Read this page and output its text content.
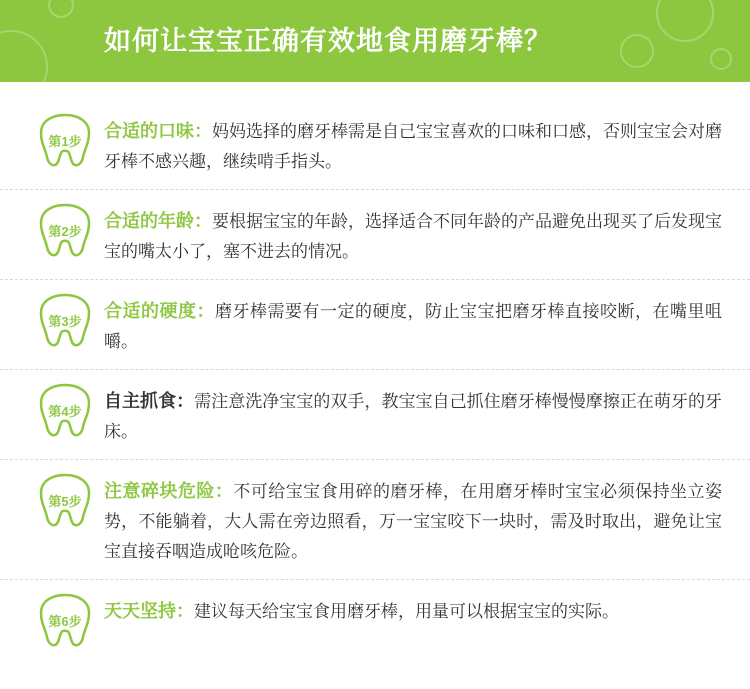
如何让宝宝正确有效地食用磨牙棒？
第1步	合适的口味：妈妈选择的磨牙棒需是自己宝宝喜欢的口味和口感，否则宝宝会对磨牙棒不感兴趣，继续啃手指头。
第2步	合适的年龄：要根据宝宝的年龄，选择适合不同年龄的产品避免出现买了后发现宝宝的嘴太小了，塞不进去的情况。
第3步	合适的硬度：磨牙棒需要有一定的硬度，防止宝宝把磨牙棒直接咬断，在嘴里咀嚼。
第4步	自主抓食：需注意洗净宝宝的双手，教宝宝自己抓住磨牙棒慢慢摩擦正在萌牙的牙床。
第5步	注意碎块危险：不可给宝宝食用碎的磨牙棒，在用磨牙棒时宝宝必须保持坐立姿势，不能躺着，大人需在旁边照看，万一宝宝咬下一块时，需及时取出，避免让宝宝直接吞咽造成呛咳危险。
第6步	天天坚持：建议每天给宝宝食用磨牙棒，用量可以根据宝宝的实际。
